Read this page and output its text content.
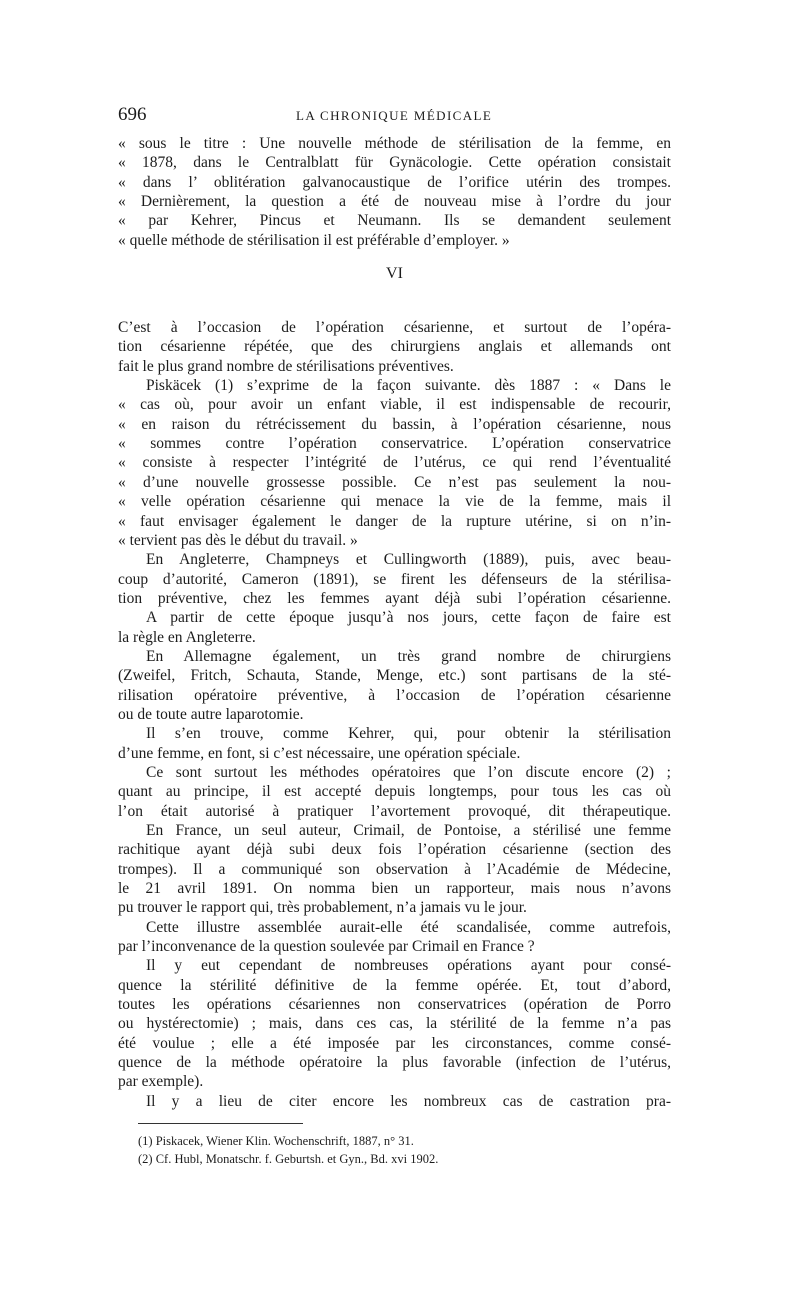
696	LA CHRONIQUE MÉDICALE
« sous le titre : Une nouvelle méthode de stérilisation de la femme, en
« 1878, dans le Centralblatt für Gynäcologie. Cette opération consistait
« dans l’ oblitération galvanocaustique de l’orifice utérin des trompes.
« Dernièrement, la question a été de nouveau mise à l’ordre du jour
« par Kehrer, Pincus et Neumann. Ils se demandent seulement
« quelle méthode de stérilisation il est préférable d’employer. »
VI
C’est à l’occasion de l’opération césarienne, et surtout de l’opéra-
tion césarienne répétée, que des chirurgiens anglais et allemands ont
fait le plus grand nombre de stérilisations préventives.
Piskäcek (1) s’exprime de la façon suivante. dès 1887 : « Dans le
« cas où, pour avoir un enfant viable, il est indispensable de recourir,
« en raison du rétrécissement du bassin, à l’opération césarienne, nous
« sommes contre l’opération conservatrice. L’opération conservatrice
« consiste à respecter l’intégrité de l’utérus, ce qui rend l’éventualité
« d’une nouvelle grossesse possible. Ce n’est pas seulement la nou-
« velle opération césarienne qui menace la vie de la femme, mais il
« faut envisager également le danger de la rupture utérine, si on n’in-
« tervient pas dès le début du travail. »
En Angleterre, Champneys et Cullingworth (1889), puis, avec beau-
coup d’autorité, Cameron (1891), se firent les défenseurs de la stérilisa-
tion préventive, chez les femmes ayant déjà subi l’opération césarienne.
A partir de cette époque jusqu’à nos jours, cette façon de faire est
la règle en Angleterre.
En Allemagne également, un très grand nombre de chirurgiens
(Zweifel, Fritch, Schauta, Stande, Menge, etc.) sont partisans de la sté-
rilisation opératoire préventive, à l’occasion de l’opération césarienne
ou de toute autre laparotomie.
Il s’en trouve, comme Kehrer, qui, pour obtenir la stérilisation
d’une femme, en font, si c’est nécessaire, une opération spéciale.
Ce sont surtout les méthodes opératoires que l’on discute encore (2) ;
quant au principe, il est accepté depuis longtemps, pour tous les cas où
l’on était autorisé à pratiquer l’avortement provoqué, dit thérapeutique.
En France, un seul auteur, Crimail, de Pontoise, a stérilisé une femme
rachitique ayant déjà subi deux fois l’opération césarienne (section des
trompes). Il a communiqué son observation à l’Académie de Médecine,
le 21 avril 1891. On nomma bien un rapporteur, mais nous n’avons
pu trouver le rapport qui, très probablement, n’a jamais vu le jour.
Cette illustre assemblée aurait-elle été scandalisée, comme autrefois,
par l’inconvenance de la question soulevée par Crimail en France ?
Il y eut cependant de nombreuses opérations ayant pour consé-
quence la stérilité définitive de la femme opérée. Et, tout d’abord,
toutes les opérations césariennes non conservatrices (opération de Porro
ou hystérectomie) ; mais, dans ces cas, la stérilité de la femme n’a pas
été voulue ; elle a été imposée par les circonstances, comme consé-
quence de la méthode opératoire la plus favorable (infection de l’utérus,
par exemple).
Il y a lieu de citer encore les nombreux cas de castration pra-
(1) Piskacek, Wiener Klin. Wochenschrift, 1887, n° 31.
(2) Cf. Hubl, Monatschr. f. Geburtsh. et Gyn., Bd. xvi 1902.
